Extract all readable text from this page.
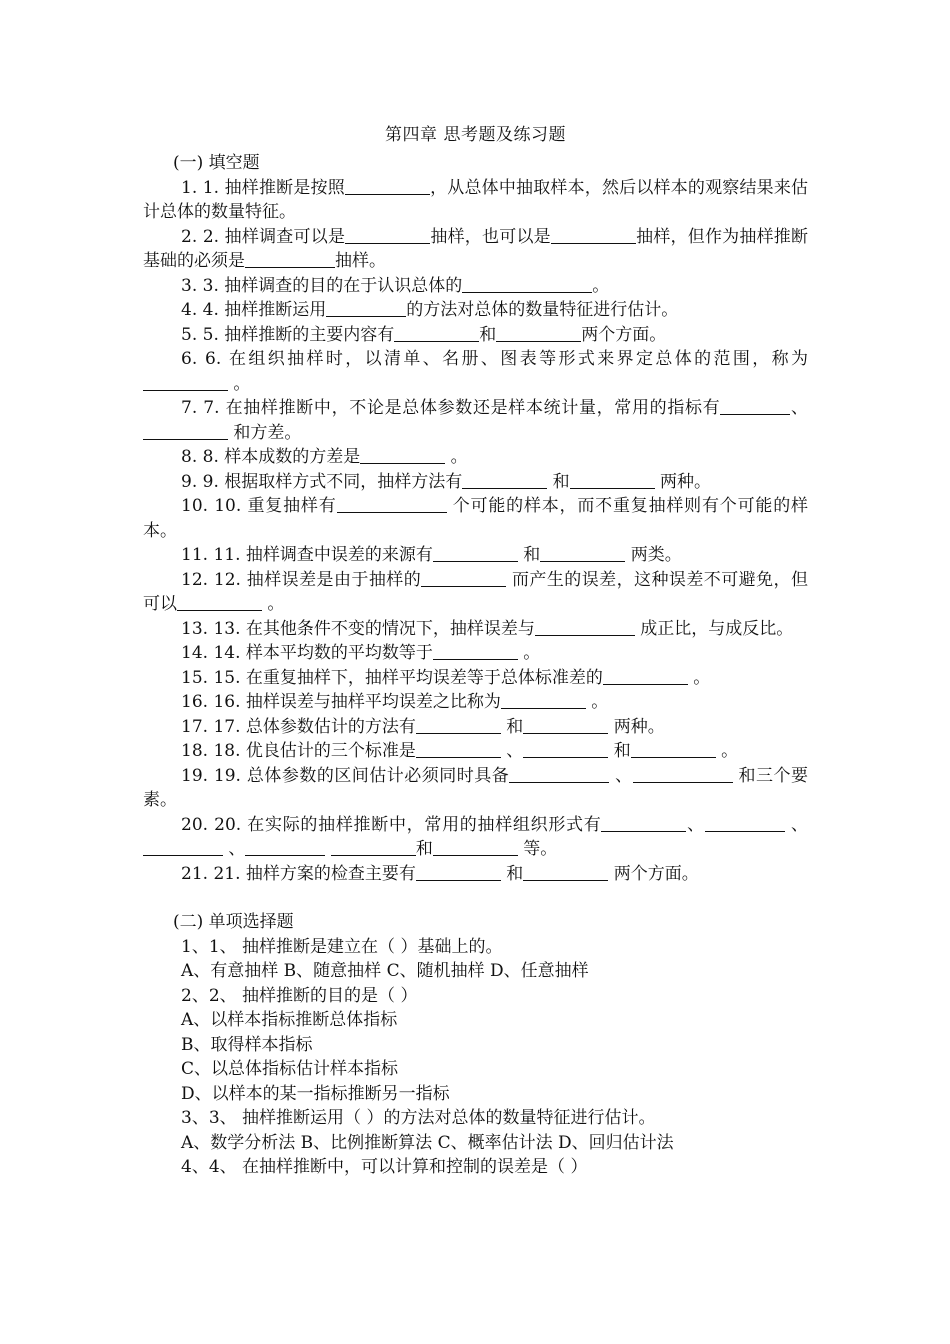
第四章 思考题及练习题

(一) 填空题

1. 1. 抽样推断是按照	，从总体中抽取样本，然后以样本的观察结果来估计总体的数量特征。

2. 2. 抽样调查可以是	抽样，也可以是	抽样，但作为抽样推断基础的必须是	抽样。

3. 3. 抽样调查的目的在于认识总体的	。

4. 4. 抽样推断运用	的方法对总体的数量特征进行估计。

5. 5. 抽样推断的主要内容有	和	两个方面。

6. 6. 在组织抽样时，以清单、名册、图表等形式来界定总体的范围，称为 。

7. 7. 在抽样推断中，不论是总体参数还是样本统计量，常用的指标有	、 和方差。

8. 8. 样本成数的方差是	。

9. 9. 根据取样方式不同，抽样方法有	和	两种。

10. 10. 重复抽样有	个可能的样本，而不重复抽样则有个可能的样本。

11. 11. 抽样调查中误差的来源有	和	两类。

12. 12. 抽样误差是由于抽样的	而产生的误差，这种误差不可避免，但可以	。

13. 13. 在其他条件不变的情况下，抽样误差与	成正比，与成反比。

14. 14. 样本平均数的平均数等于	。

15. 15. 在重复抽样下，抽样平均误差等于总体标准差的	。

16. 16. 抽样误差与抽样平均误差之比称为	。

17. 17. 总体参数估计的方法有	和	两种。

18. 18. 优良估计的三个标准是	、	和	。

19. 19. 总体参数的区间估计必须同时具备	、	和三个要素。

20. 20. 在实际的抽样推断中，常用的抽样组织形式有	、	、 、	和	等。

21. 21. 抽样方案的检查主要有	和	两个方面。

(二) 单项选择题

1、1、 抽样推断是建立在（ ）基础上的。

A、有意抽样 B、随意抽样 C、随机抽样 D、任意抽样

2、2、 抽样推断的目的是（ ）

A、以样本指标推断总体指标

B、取得样本指标

C、以总体指标估计样本指标

D、以样本的某一指标推断另一指标

3、3、 抽样推断运用（ ）的方法对总体的数量特征进行估计。

A、数学分析法 B、比例推断算法 C、概率估计法 D、回归估计法

4、4、 在抽样推断中，可以计算和控制的误差是（ ）
